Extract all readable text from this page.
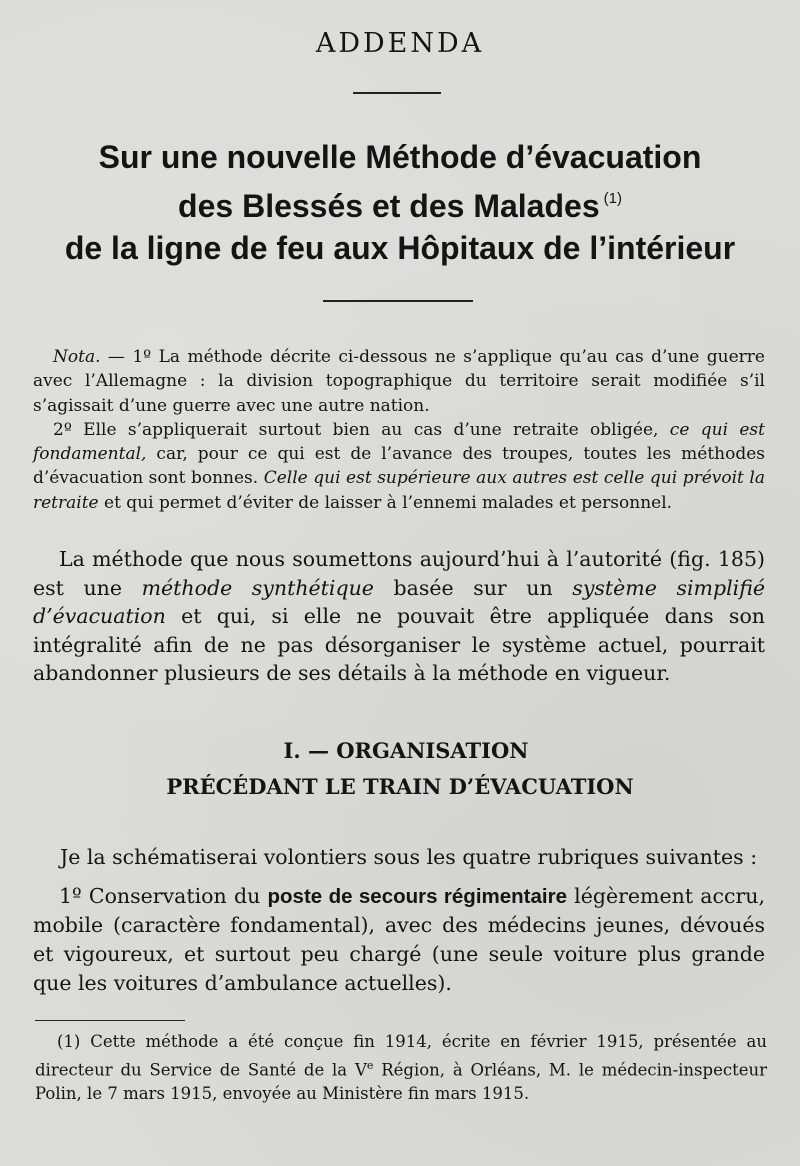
ADDENDA
Sur une nouvelle Méthode d’évacuation
des Blessés et des Malades $^{(1)}$
de la ligne de feu aux Hôpitaux de l’intérieur

Nota. — 1º La méthode décrite ci-dessous ne s’applique qu’au cas d’une guerre avec l’Allemagne : la division topographique du territoire serait modifiée s’il s’agissait d’une guerre avec une autre nation.

2º Elle s’appliquerait surtout bien au cas d’une retraite obligée, ce qui est fondamental, car, pour ce qui est de l’avance des troupes, toutes les méthodes d’évacuation sont bonnes. Celle qui est supérieure aux autres est celle qui prévoit la retraite et qui permet d’éviter de laisser à l’ennemi malades et personnel.

La méthode que nous soumettons aujourd’hui à l’autorité (fig. 185) est une méthode synthétique basée sur un système simplifié d’évacuation et qui, si elle ne pouvait être appliquée dans son intégralité afin de ne pas désorganiser le système actuel, pourrait abandonner plusieurs de ses détails à la méthode en vigueur.

I. — ORGANISATION
PRÉCÉDANT LE TRAIN D’ÉVACUATION

Je la schématiserai volontiers sous les quatre rubriques suivantes :

1º Conservation du poste de secours régimentaire légèrement accru, mobile (caractère fondamental), avec des médecins jeunes, dévoués et vigoureux, et surtout peu chargé (une seule voiture plus grande que les voitures d’ambulance actuelles).

(1) Cette méthode a été conçue fin 1914, écrite en février 1915, présentée au directeur du Service de Santé de la Ve Région, à Orléans, M. le médecin-inspecteur Polin, le 7 mars 1915, envoyée au Ministère fin mars 1915.
